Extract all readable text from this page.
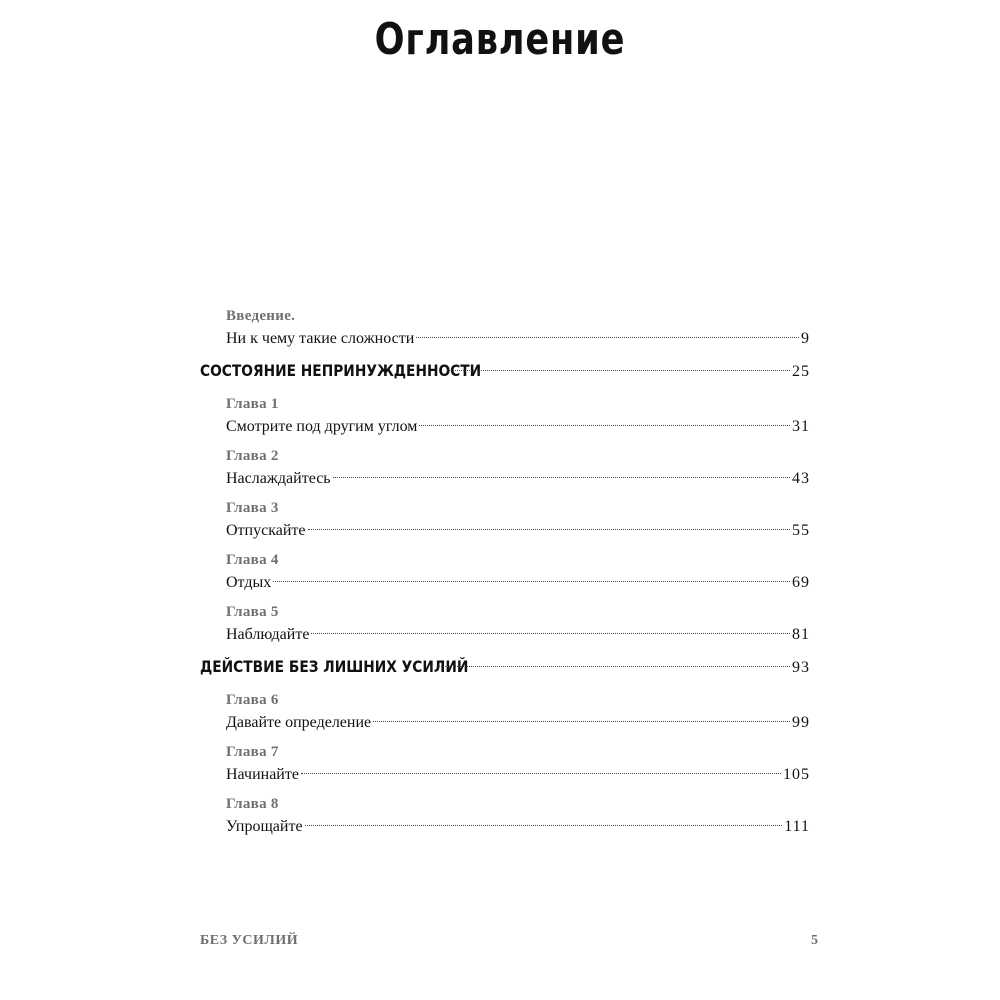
Оглавление
Введение.
Ни к чему такие сложности	9
СОСТОЯНИЕ НЕПРИНУЖДЕННОСТИ	25
Глава 1
Смотрите под другим углом	31
Глава 2
Наслаждайтесь	43
Глава 3
Отпускайте	55
Глава 4
Отдых	69
Глава 5
Наблюдайте	81
ДЕЙСТВИЕ БЕЗ ЛИШНИХ УСИЛИЙ	93
Глава 6
Давайте определение	99
Глава 7
Начинайте	105
Глава 8
Упрощайте	111
БЕЗ УСИЛИЙ	5
